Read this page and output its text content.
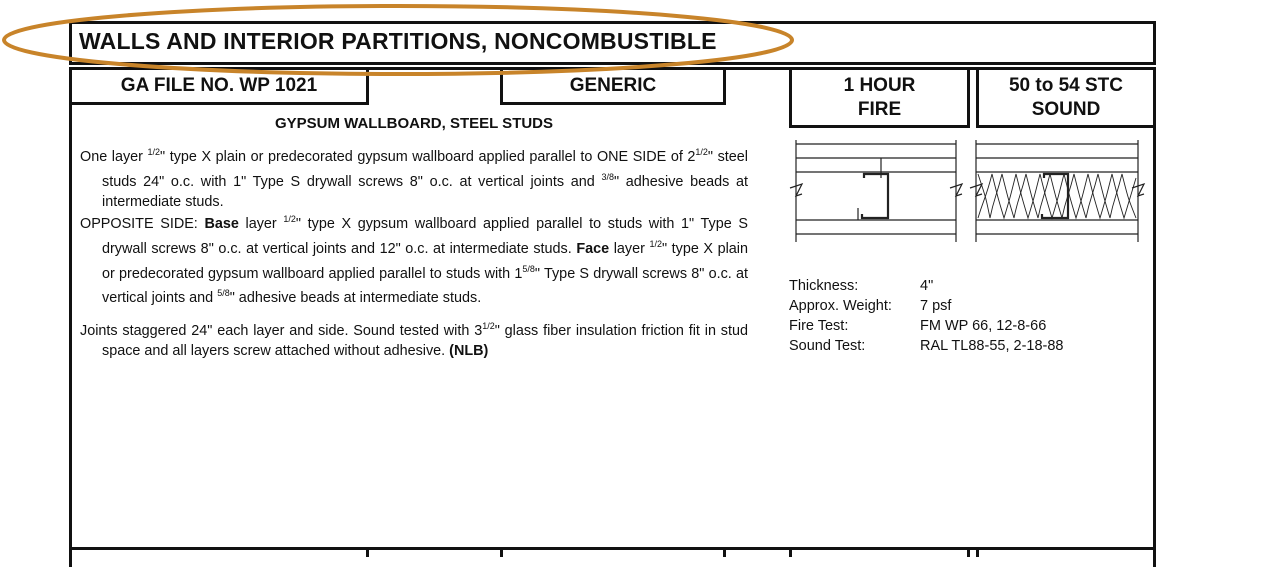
WALLS AND INTERIOR PARTITIONS, NONCOMBUSTIBLE
GA FILE NO. WP 1021	GENERIC	1 HOUR
FIRE
50 to 54 STC
SOUND
GYPSUM WALLBOARD, STEEL STUDS

One layer $^{1/2}$" type X plain or predecorated gypsum wallboard applied parallel to ONE SIDE of $2^{1/2}$" steel studs 24" o.c. with 1" Type S drywall screws 8" o.c. at vertical joints and $^{3/8}$" adhesive beads at intermediate studs.

OPPOSITE SIDE: Base layer $^{1/2}$" type X gypsum wallboard applied parallel to studs with 1" Type S drywall screws 8" o.c. at vertical joints and 12" o.c. at intermediate studs. Face layer $^{1/2}$" type X plain or predecorated gypsum wallboard applied parallel to studs with $1^{5/8}$" Type S drywall screws 8" o.c. at vertical joints and $^{5/8}$" adhesive beads at intermediate studs.

Joints staggered 24" each layer and side. Sound tested with $3^{1/2}$" glass fiber insulation friction fit in stud space and all layers screw attached without adhesive. (NLB)

Thickness:	4"
Approx. Weight:	7 psf
Fire Test:	FM WP 66, 12-8-66
Sound Test:	RAL TL88-55, 2-18-88
